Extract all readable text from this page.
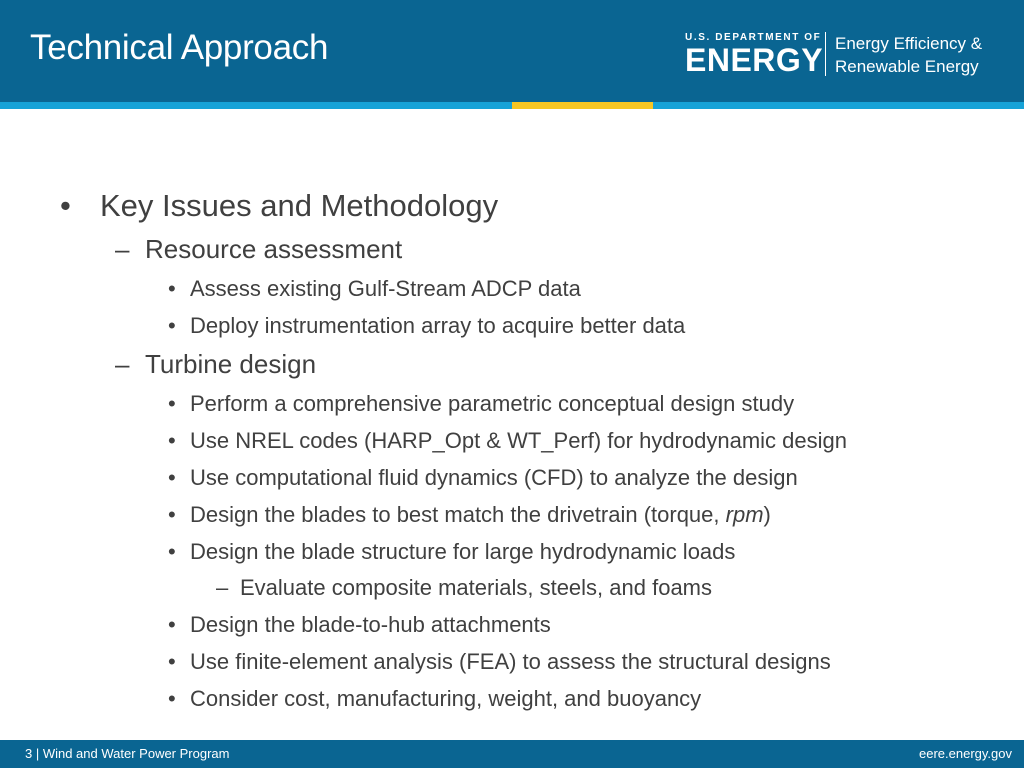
Technical Approach	U.S. DEPARTMENT OF
ENERGY Energy Efficiency &
Renewable Energy
• Key Issues and Methodology
– Resource assessment
• Assess existing Gulf-Stream ADCP data
• Deploy instrumentation array to acquire better data
– Turbine design
• Perform a comprehensive parametric conceptual design study
• Use NREL codes (HARP_Opt & WT_Perf) for hydrodynamic design
• Use computational fluid dynamics (CFD) to analyze the design
• Design the blades to best match the drivetrain (torque, rpm)
• Design the blade structure for large hydrodynamic loads
– Evaluate composite materials, steels, and foams
• Design the blade-to-hub attachments
• Use finite-element analysis (FEA) to assess the structural designs
• Consider cost, manufacturing, weight, and buoyancy
3 | Wind and Water Power Program	eere.energy.gov
